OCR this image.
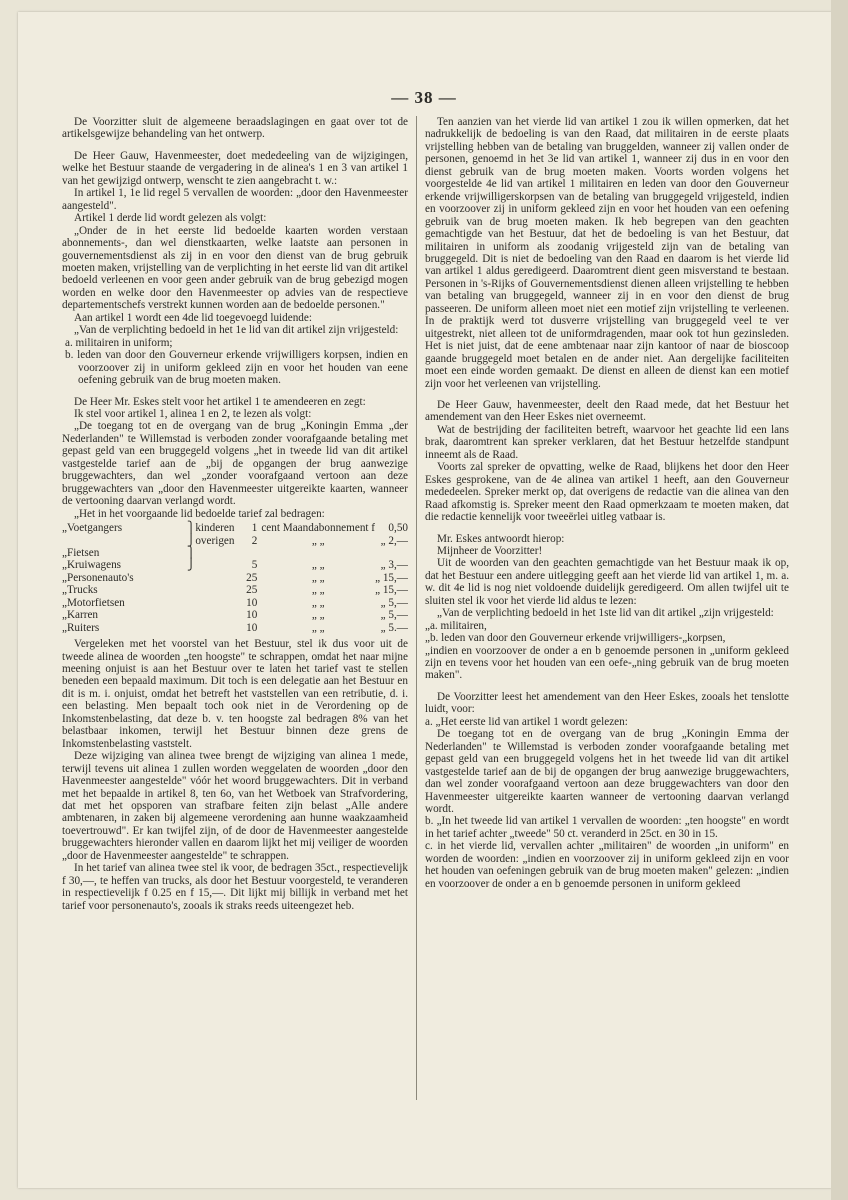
— 38 —

De Voorzitter sluit de algemeene beraadslagingen en gaat over tot de artikelsgewijze behandeling van het ontwerp.

De Heer Gauw, Havenmeester, doet mededeeling van de wijzigingen, welke het Bestuur staande de vergadering in de alinea's 1 en 3 van artikel 1 van het gewijzigd ontwerp, wenscht te zien aangebracht t. w.:

In artikel 1, 1e lid regel 5 vervallen de woorden: „door den Havenmeester aangesteld".

Artikel 1 derde lid wordt gelezen als volgt:

„Onder de in het eerste lid bedoelde kaarten worden verstaan abonnements-, dan wel dienstkaarten, welke laatste aan personen in gouvernementsdienst als zij in en voor den dienst van de brug gebruik moeten maken, vrijstelling van de verplichting in het eerste lid van dit artikel bedoeld verleenen en voor geen ander gebruik van de brug gebezigd mogen worden en welke door den Havenmeester op advies van de respectieve departementschefs verstrekt kunnen worden aan de bedoelde personen."

Aan artikel 1 wordt een 4de lid toegevoegd luidende:

„Van de verplichting bedoeld in het 1e lid van dit artikel zijn vrijgesteld:

a. militairen in uniform;

b. leden van door den Gouverneur erkende vrijwilligers korpsen, indien en voorzoover zij in uniform gekleed zijn en voor het houden van eene oefening gebruik van de brug moeten maken.

De Heer Mr. Eskes stelt voor het artikel 1 te amendeeren en zegt:

Ik stel voor artikel 1, alinea 1 en 2, te lezen als volgt:

„De toegang tot en de overgang van de brug „Koningin Emma „der Nederlanden" te Willemstad is verboden zonder voorafgaande betaling met gepast geld van een bruggegeld volgens „het in tweede lid van dit artikel vastgestelde tarief aan de „bij de opgangen der brug aanwezige bruggewachters, dan wel „zonder voorafgaand vertoon aan deze bruggewachters van „door den Havenmeester uitgereikte kaarten, wanneer de vertooning daarvan verlangd wordt.

„Het in het voorgaande lid bedoelde tarief zal bedragen:

„Voetgangers	⎫	kinderen	1	cent Maandabonnement f	0,50
	⎭	overigen	2	„ „	„ 2,—
„Fietsen	⎫				
„Kruiwagens	⎭		5	„ „	„ 3,—
„Personenauto's			25	„ „	„ 15,—
„Trucks			25	„ „	„ 15,—
„Motorfietsen			10	„ „	„ 5,—
„Karren			10	„ „	„ 5,—
„Ruiters			10	„ „	„ 5.—

Vergeleken met het voorstel van het Bestuur, stel ik dus voor uit de tweede alinea de woorden „ten hoogste" te schrappen, omdat het naar mijne meening onjuist is aan het Bestuur over te laten het tarief vast te stellen beneden een bepaald maximum. Dit toch is een delegatie aan het Bestuur en dit is m. i. onjuist, omdat het betreft het vaststellen van een retributie, d. i. een belasting. Men bepaalt toch ook niet in de Verordening op de Inkomstenbelasting, dat deze b. v. ten hoogste zal bedragen 8% van het belastbaar inkomen, terwijl het Bestuur binnen deze grens de Inkomstenbelasting vaststelt.

Deze wijziging van alinea twee brengt de wijziging van alinea 1 mede, terwijl tevens uit alinea 1 zullen worden weggelaten de woorden „door den Havenmeester aangestelde" vóór het woord bruggewachters. Dit in verband met het bepaalde in artikel 8, ten 6o, van het Wetboek van Strafvordering, dat met het opsporen van strafbare feiten zijn belast „Alle andere ambtenaren, in zaken bij algemeene verordening aan hunne waakzaamheid toevertrouwd". Er kan twijfel zijn, of de door de Havenmeester aangestelde bruggewachters hieronder vallen en daarom lijkt het mij veiliger de woorden „door de Havenmeester aangestelde" te schrappen.

In het tarief van alinea twee stel ik voor, de bedragen 35ct., respectievelijk f 30,—, te heffen van trucks, als door het Bestuur voorgesteld, te veranderen in respectievelijk f 0.25 en f 15,—. Dit lijkt mij billijk in verband met het tarief voor personenauto's, zooals ik straks reeds uiteengezet heb.

Ten aanzien van het vierde lid van artikel 1 zou ik willen opmerken, dat het nadrukkelijk de bedoeling is van den Raad, dat militairen in de eerste plaats vrijstelling hebben van de betaling van bruggelden, wanneer zij vallen onder de personen, genoemd in het 3e lid van artikel 1, wanneer zij dus in en voor den dienst gebruik van de brug moeten maken. Voorts worden volgens het voorgestelde 4e lid van artikel 1 militairen en leden van door den Gouverneur erkende vrijwilligerskorpsen van de betaling van bruggegeld vrijgesteld, indien en voorzoover zij in uniform gekleed zijn en voor het houden van een oefening gebruik van de brug moeten maken. Ik heb begrepen van den geachten gemachtigde van het Bestuur, dat het de bedoeling is van het Bestuur, dat militairen in uniform als zoodanig vrijgesteld zijn van de betaling van bruggegeld. Dit is niet de bedoeling van den Raad en daarom is het vierde lid van artikel 1 aldus geredigeerd. Daaromtrent dient geen misverstand te bestaan. Personen in 's-Rijks of Gouvernementsdienst dienen alleen vrijstelling te hebben van betaling van bruggegeld, wanneer zij in en voor den dienst de brug passeeren. De uniform alleen moet niet een motief zijn vrijstelling te verleenen. In de praktijk werd tot dusverre vrijstelling van bruggegeld veel te ver uitgestrekt, niet alleen tot de uniformdragenden, maar ook tot hun gezinsleden. Het is niet juist, dat de eene ambtenaar naar zijn kantoor of naar de bioscoop gaande bruggegeld moet betalen en de ander niet. Aan dergelijke faciliteiten moet een einde worden gemaakt. De dienst en alleen de dienst kan een motief zijn voor het verleenen van vrijstelling.

De Heer Gauw, havenmeester, deelt den Raad mede, dat het Bestuur het amendement van den Heer Eskes niet overneemt.

Wat de bestrijding der faciliteiten betreft, waarvoor het geachte lid een lans brak, daaromtrent kan spreker verklaren, dat het Bestuur hetzelfde standpunt inneemt als de Raad.

Voorts zal spreker de opvatting, welke de Raad, blijkens het door den Heer Eskes gesprokene, van de 4e alinea van artikel 1 heeft, aan den Gouverneur mededeelen. Spreker merkt op, dat overigens de redactie van die alinea van den Raad afkomstig is. Spreker meent den Raad opmerkzaam te moeten maken, dat die redactie kennelijk voor tweeërlei uitleg vatbaar is.

Mr. Eskes antwoordt hierop:

Mijnheer de Voorzitter!

Uit de woorden van den geachten gemachtigde van het Bestuur maak ik op, dat het Bestuur een andere uitlegging geeft aan het vierde lid van artikel 1, m. a. w. dit 4e lid is nog niet voldoende duidelijk geredigeerd. Om allen twijfel uit te sluiten stel ik voor het vierde lid aldus te lezen:

„Van de verplichting bedoeld in het 1ste lid van dit artikel „zijn vrijgesteld:

„a. militairen,

„b. leden van door den Gouverneur erkende vrijwilligers-„korpsen,

„indien en voorzoover de onder a en b genoemde personen in „uniform gekleed zijn en tevens voor het houden van een oefe-„ning gebruik van de brug moeten maken".

De Voorzitter leest het amendement van den Heer Eskes, zooals het tenslotte luidt, voor:

a. „Het eerste lid van artikel 1 wordt gelezen:

De toegang tot en de overgang van de brug „Koningin Emma der Nederlanden" te Willemstad is verboden zonder voorafgaande betaling met gepast geld van een bruggegeld volgens het in het tweede lid van dit artikel vastgestelde tarief aan de bij de opgangen der brug aanwezige bruggewachters, dan wel zonder voorafgaand vertoon aan deze bruggewachters van door den Havenmeester uitgereikte kaarten wanneer de vertooning daarvan verlangd wordt.

b. „In het tweede lid van artikel 1 vervallen de woorden: „ten hoogste" en wordt in het tarief achter „tweede" 50 ct. veranderd in 25ct. en 30 in 15.

c. in het vierde lid, vervallen achter „militairen" de woorden „in uniform" en worden de woorden: „indien en voorzoover zij in uniform gekleed zijn en voor het houden van oefeningen gebruik van de brug moeten maken" gelezen: „indien en voorzoover de onder a en b genoemde personen in uniform gekleed
